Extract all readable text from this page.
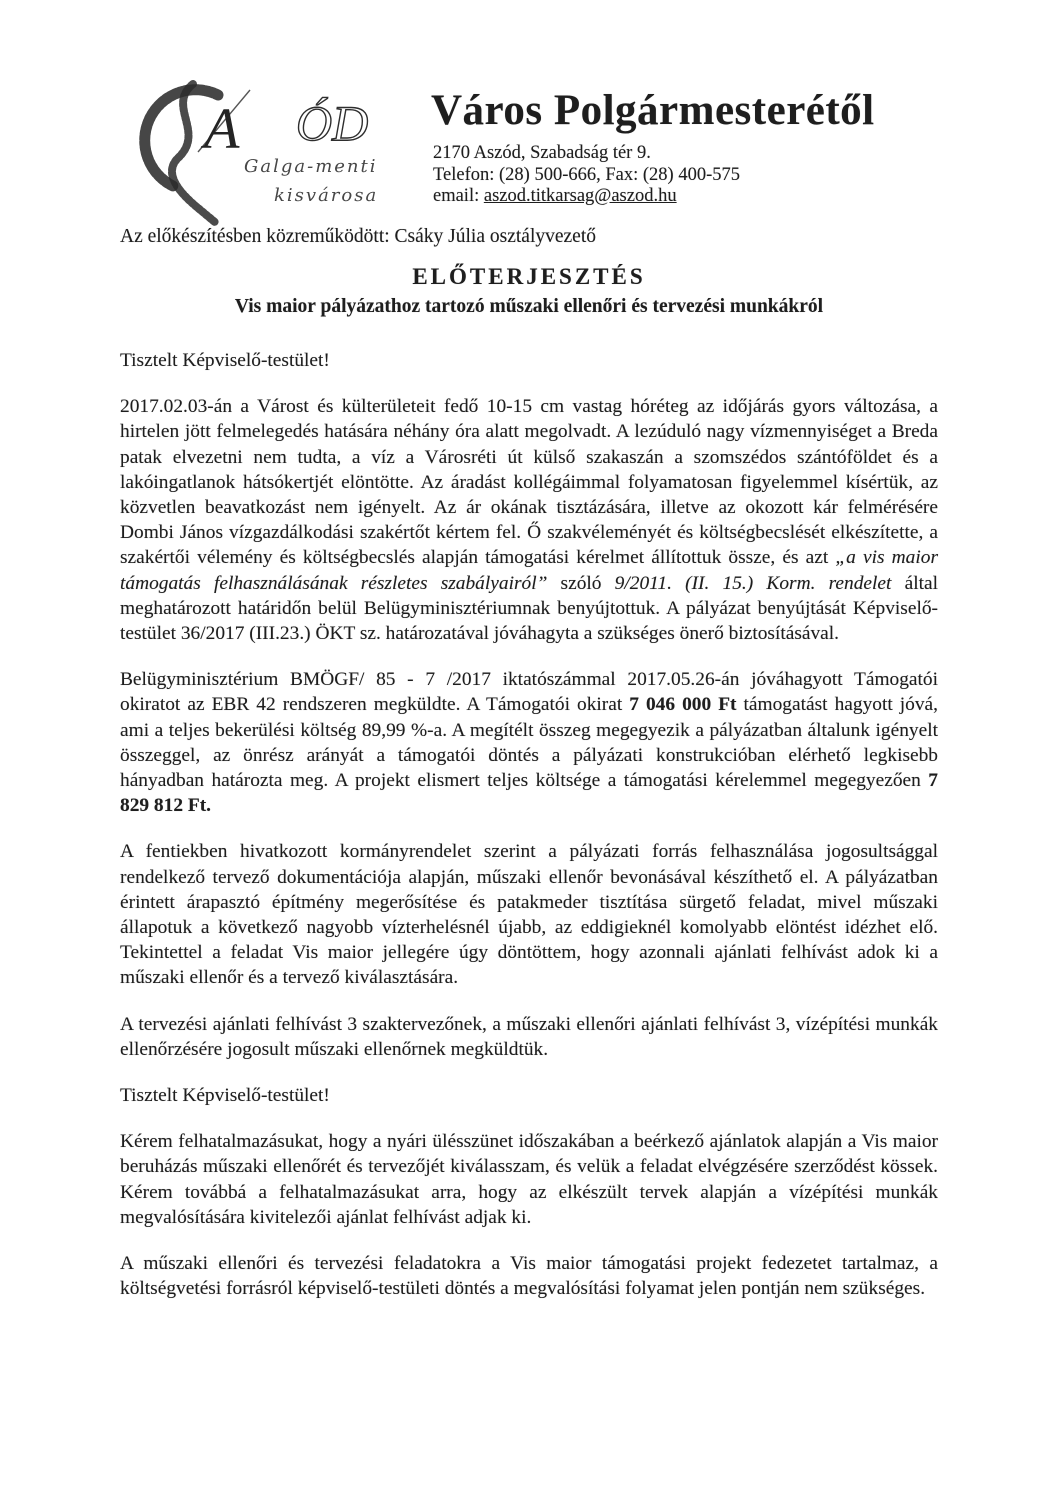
A ÓD
Galga-menti
kisvárosa
Város Polgármesterétől
2170 Aszód, Szabadság tér 9.
Telefon: (28) 500-666, Fax: (28) 400-575
email: aszod.titkarsag@aszod.hu
Az előkészítésben közreműködött: Csáky Júlia osztályvezető
ELŐTERJESZTÉS
Vis maior pályázathoz tartozó műszaki ellenőri és tervezési munkákról

Tisztelt Képviselő-testület!

2017.02.03-án a Várost és külterületeit fedő 10-15 cm vastag hóréteg az időjárás gyors változása, a hirtelen jött felmelegedés hatására néhány óra alatt megolvadt. A lezúduló nagy vízmennyiséget a Breda patak elvezetni nem tudta, a víz a Városréti út külső szakaszán a szomszédos szántóföldet és a lakóingatlanok hátsókertjét elöntötte. Az áradást kollégáimmal folyamatosan figyelemmel kísértük, az közvetlen beavatkozást nem igényelt. Az ár okának tisztázására, illetve az okozott kár felmérésére Dombi János vízgazdálkodási szakértőt kértem fel. Ő szakvéleményét és költségbecslését elkészítette, a szakértői vélemény és költségbecslés alapján támogatási kérelmet állítottuk össze, és azt „a vis maior támogatás felhasználásának részletes szabályairól” szóló 9/2011. (II. 15.) Korm. rendelet által meghatározott határidőn belül Belügyminisztériumnak benyújtottuk. A pályázat benyújtását Képviselő-testület 36/2017 (III.23.) ÖKT sz. határozatával jóváhagyta a szükséges önerő biztosításával.

Belügyminisztérium BMÖGF/ 85 - 7 /2017 iktatószámmal 2017.05.26-án jóváhagyott Támogatói okiratot az EBR 42 rendszeren megküldte. A Támogatói okirat 7 046 000 Ft támogatást hagyott jóvá, ami a teljes bekerülési költség 89,99 %-a. A megítélt összeg megegyezik a pályázatban általunk igényelt összeggel, az önrész arányát a támogatói döntés a pályázati konstrukcióban elérhető legkisebb hányadban határozta meg. A projekt elismert teljes költsége a támogatási kérelemmel megegyezően 7 829 812 Ft.

A fentiekben hivatkozott kormányrendelet szerint a pályázati forrás felhasználása jogosultsággal rendelkező tervező dokumentációja alapján, műszaki ellenőr bevonásával készíthető el. A pályázatban érintett árapasztó építmény megerősítése és patakmeder tisztítása sürgető feladat, mivel műszaki állapotuk a következő nagyobb vízterhelésnél újabb, az eddigieknél komolyabb elöntést idézhet elő. Tekintettel a feladat Vis maior jellegére úgy döntöttem, hogy azonnali ajánlati felhívást adok ki a műszaki ellenőr és a tervező kiválasztására.

A tervezési ajánlati felhívást 3 szaktervezőnek, a műszaki ellenőri ajánlati felhívást 3, vízépítési munkák ellenőrzésére jogosult műszaki ellenőrnek megküldtük.

Tisztelt Képviselő-testület!

Kérem felhatalmazásukat, hogy a nyári ülésszünet időszakában a beérkező ajánlatok alapján a Vis maior beruházás műszaki ellenőrét és tervezőjét kiválasszam, és velük a feladat elvégzésére szerződést kössek. Kérem továbbá a felhatalmazásukat arra, hogy az elkészült tervek alapján a vízépítési munkák megvalósítására kivitelezői ajánlat felhívást adjak ki.

A műszaki ellenőri és tervezési feladatokra a Vis maior támogatási projekt fedezetet tartalmaz, a költségvetési forrásról képviselő-testületi döntés a megvalósítási folyamat jelen pontján nem szükséges.
